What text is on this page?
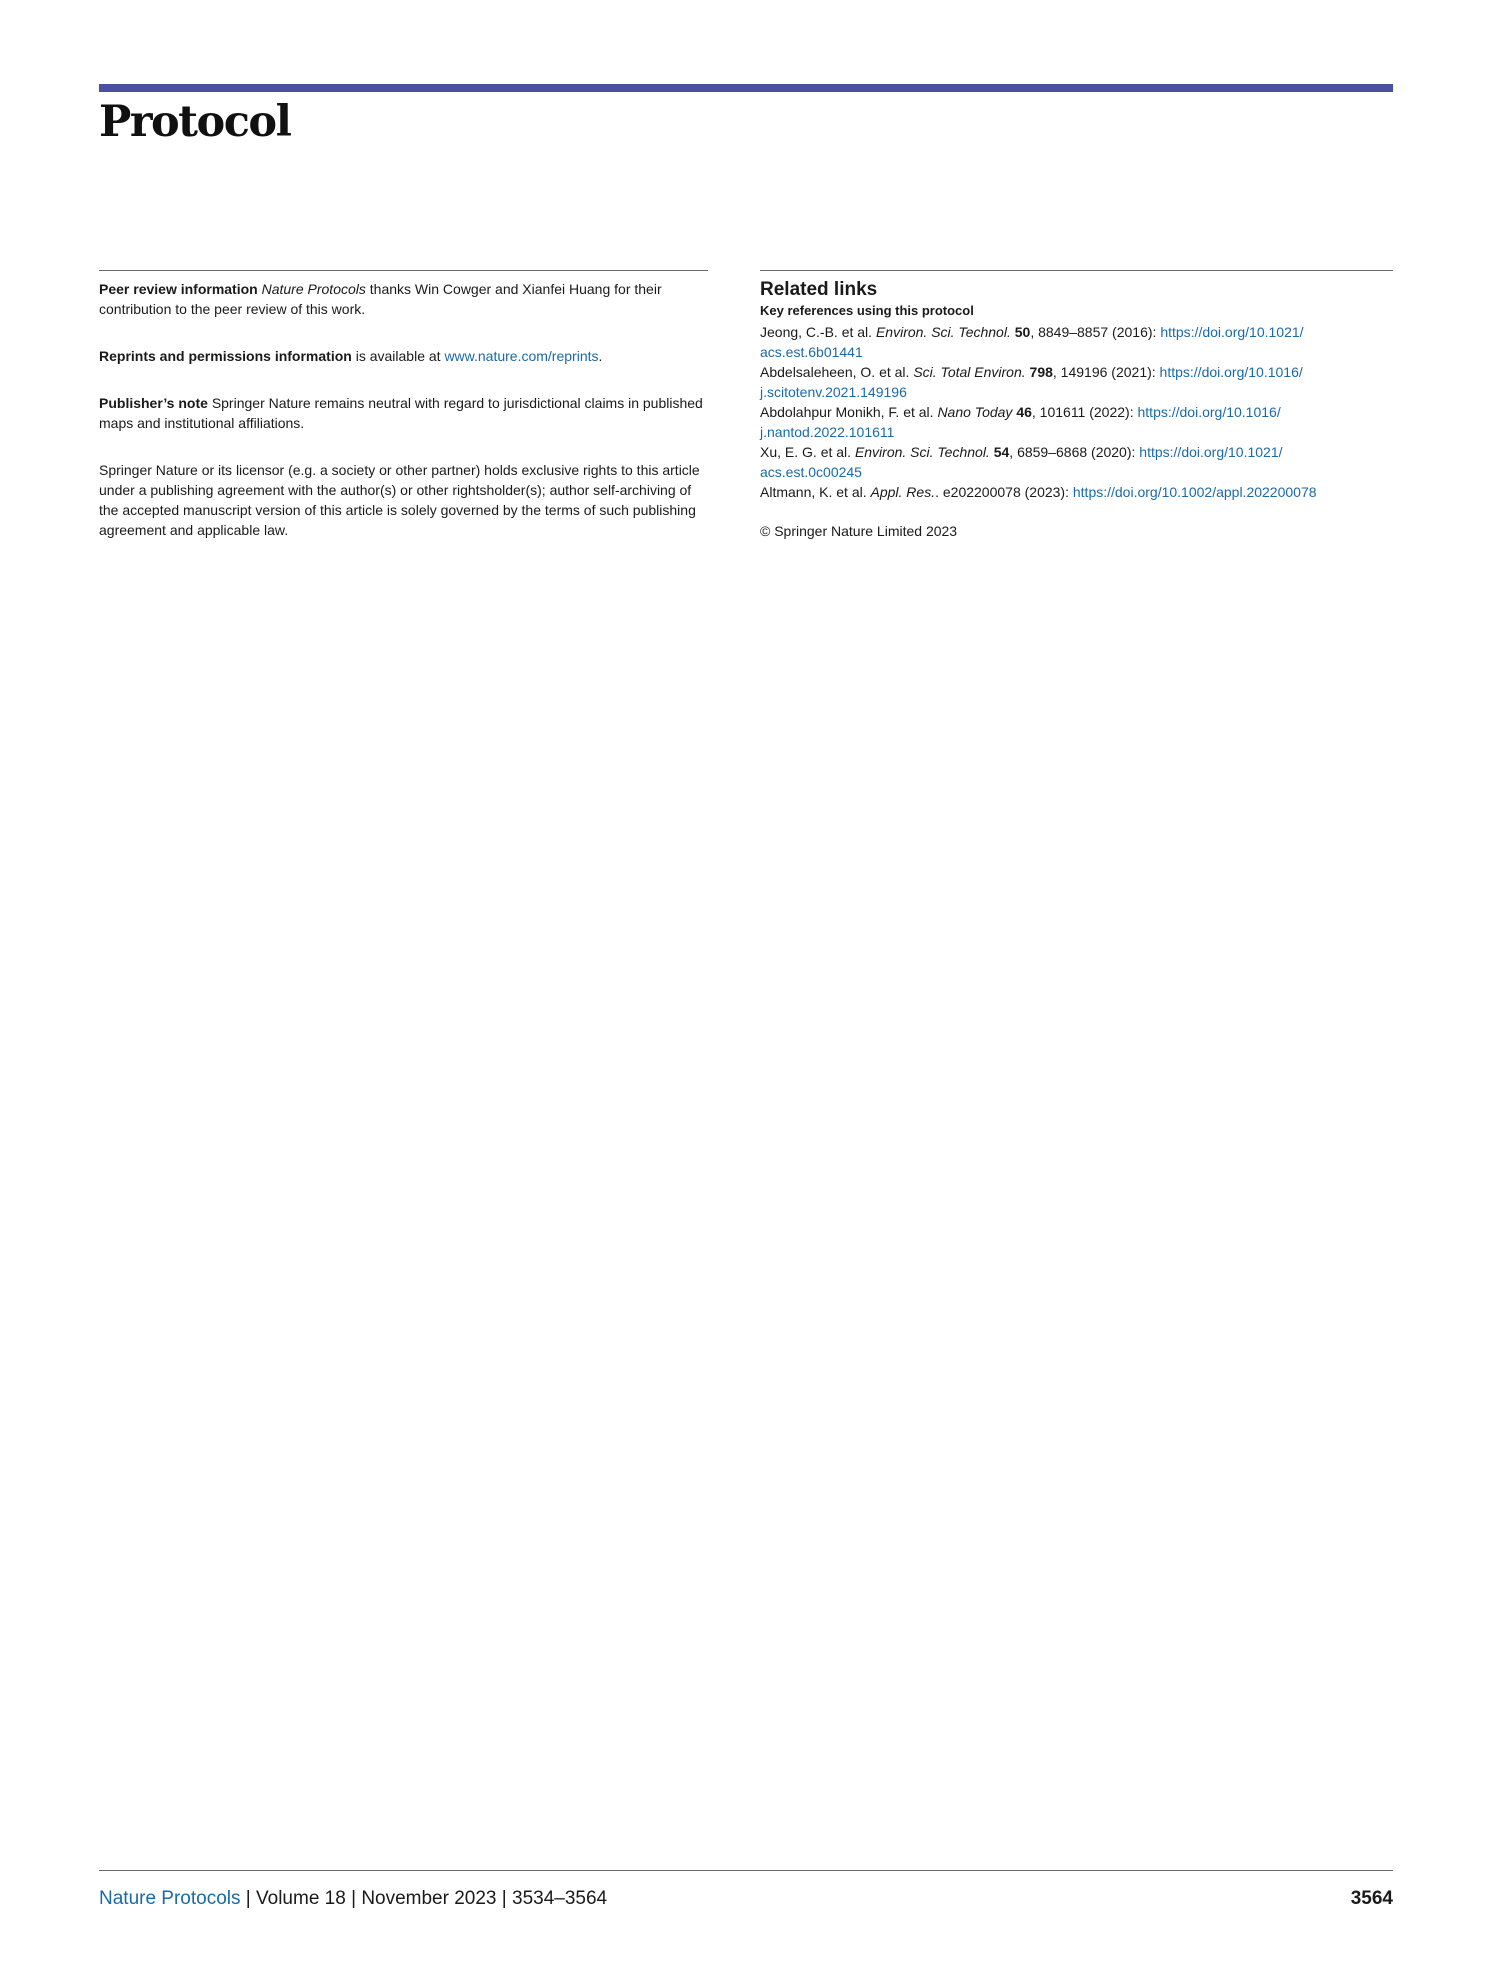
Protocol

Peer review information Nature Protocols thanks Win Cowger and Xianfei Huang for their contribution to the peer review of this work.

Reprints and permissions information is available at www.nature.com/reprints.

Publisher’s note Springer Nature remains neutral with regard to jurisdictional claims in published maps and institutional affiliations.

Springer Nature or its licensor (e.g. a society or other partner) holds exclusive rights to this article under a publishing agreement with the author(s) or other rightsholder(s); author self-archiving of the accepted manuscript version of this article is solely governed by the terms of such publishing agreement and applicable law.

Related links

Key references using this protocol

Jeong, C.-B. et al. Environ. Sci. Technol. 50, 8849–8857 (2016): https://doi.org/10.1021/
acs.est.6b01441

Abdelsaleheen, O. et al. Sci. Total Environ. 798, 149196 (2021): https://doi.org/10.1016/
j.scitotenv.2021.149196

Abdolahpur Monikh, F. et al. Nano Today 46, 101611 (2022): https://doi.org/10.1016/
j.nantod.2022.101611

Xu, E. G. et al. Environ. Sci. Technol. 54, 6859–6868 (2020): https://doi.org/10.1021/
acs.est.0c00245

Altmann, K. et al. Appl. Res.. e202200078 (2023): https://doi.org/10.1002/appl.202200078

© Springer Nature Limited 2023

Nature Protocols | Volume 18 | November 2023 | 3534–3564	3564
